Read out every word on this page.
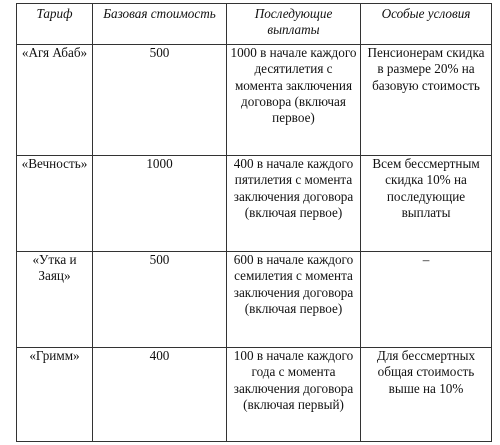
Тариф	Базовая стоимость	Последующие выплаты	Особые условия
«Агя Абаб»	500	1000 в начале каждого десятилетия с момента заключения договора (включая первое)	Пенсионерам скидка в размере 20% на базовую стоимость
«Вечность»	1000	400 в начале каждого пятилетия с момента заключения договора (включая первое)	Всем бессмертным скидка 10% на последующие выплаты
«Утка и Заяц»	500	600 в начале каждого семилетия с момента заключения договора (включая первое)	–
«Гримм»	400	100 в начале каждого года с момента заключения договора (включая первый)	Для бессмертных общая стоимость выше на 10%
